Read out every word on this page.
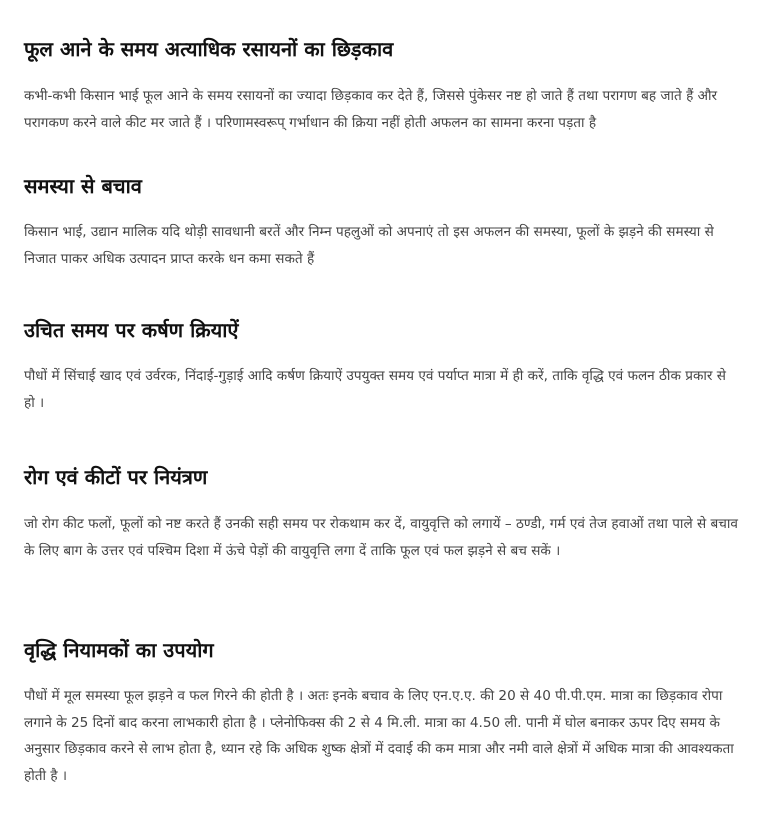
फूल आने के समय अत्याधिक रसायनों का छिड़काव

कभी-कभी किसान भाई फूल आने के समय रसायनों का ज्यादा छिड़काव कर देते हैं, जिससे पुंकेसर नष्ट हो जाते हैं तथा परागण बह जाते हैं और परागकण करने वाले कीट मर जाते हैं । परिणामस्वरूप् गर्भाधान की क्रिया नहीं होती अफलन का सामना करना पड़ता है

समस्या से बचाव

किसान भाई, उद्यान मालिक यदि थोड़ी सावधानी बरतें और निम्न पहलुओं को अपनाएं तो इस अफलन की समस्या, फूलों के झड़ने की समस्या से निजात पाकर अधिक उत्पादन प्राप्त करके धन कमा सकते हैं

उचित समय पर कर्षण क्रियाऐं

पौधों में सिंचाई खाद एवं उर्वरक, निंदाई-गुड़ाई आदि कर्षण क्रियाऐं उपयुक्त समय एवं पर्याप्त मात्रा में ही करें, ताकि वृद्धि एवं फलन ठीक प्रकार से हो ।

रोग एवं कीटों पर नियंत्रण

जो रोग कीट फलों, फूलों को नष्ट करते हैं उनकी सही समय पर रोकथाम कर दें, वायुवृत्ति को लगायें – ठण्डी, गर्म एवं तेज हवाओं तथा पाले से बचाव के लिए बाग के उत्तर एवं पश्चिम दिशा में ऊंचे पेड़ों की वायुवृत्ति लगा दें ताकि फूल एवं फल झड़ने से बच सकें ।

वृद्धि नियामकों का उपयोग

पौधों में मूल समस्या फूल झड़ने व फल गिरने की होती है । अतः इनके बचाव के लिए एन.ए.ए. की 20 से 40 पी.पी.एम. मात्रा का छिड़काव रोपा लगाने के 25 दिनों बाद करना लाभकारी होता है । प्लेनोफिक्स की 2 से 4 मि.ली. मात्रा का 4.50 ली. पानी में घोल बनाकर ऊपर दिए समय के अनुसार छिड़काव करने से लाभ होता है, ध्यान रहे कि अधिक शुष्क क्षेत्रों में दवाई की कम मात्रा और नमी वाले क्षेत्रों में अधिक मात्रा की आवश्यकता होती है ।
